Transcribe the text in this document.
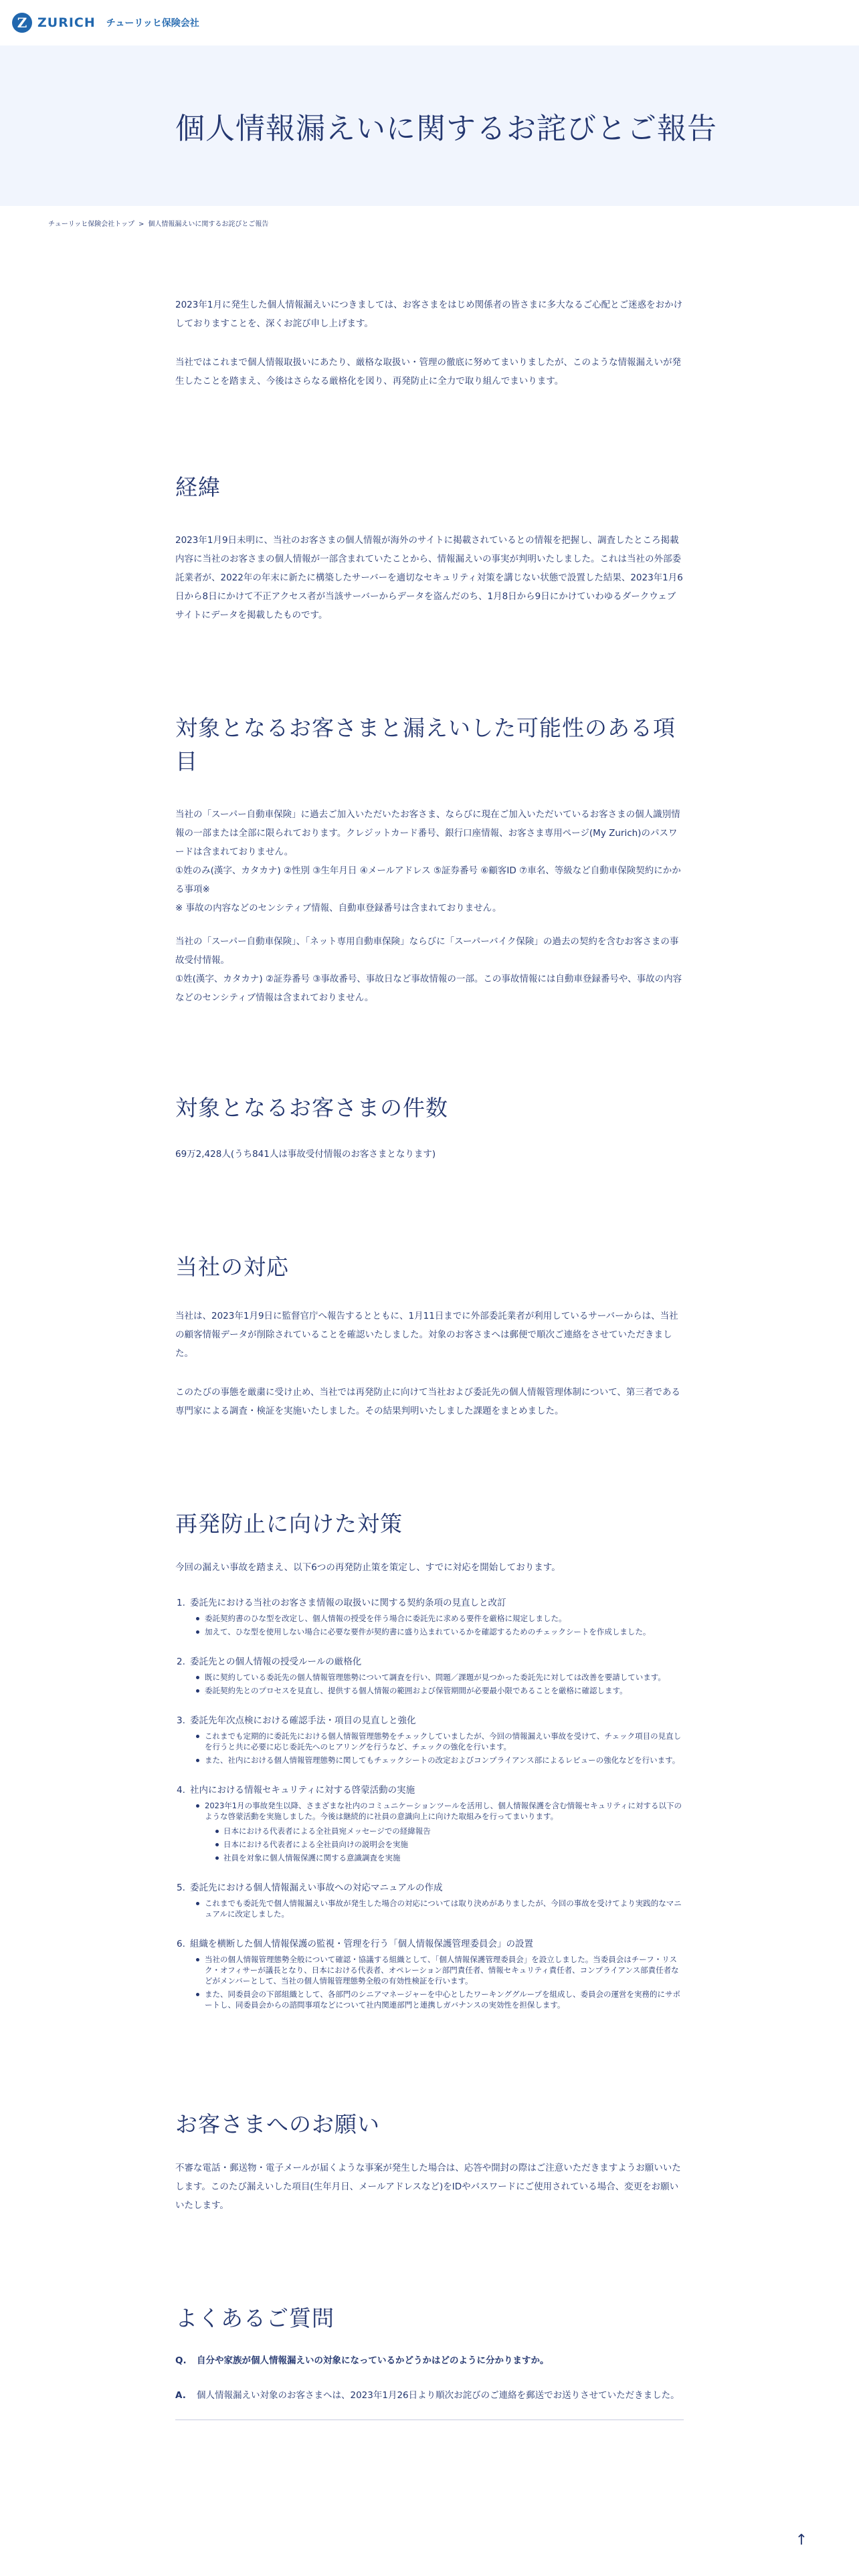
Z ZURICH チューリッヒ保険会社
個人情報漏えいに関するお詫びとご報告
チューリッヒ保険会社トップ > 個人情報漏えいに関するお詫びとご報告

2023年1月に発生した個人情報漏えいにつきましては、お客さまをはじめ関係者の皆さまに多大なるご心配とご迷惑をおかけしておりますことを、深くお詫び申し上げます。

当社ではこれまで個人情報取扱いにあたり、厳格な取扱い・管理の徹底に努めてまいりましたが、このような情報漏えいが発生したことを踏まえ、今後はさらなる厳格化を図り、再発防止に全力で取り組んでまいります。

経緯

2023年1月9日未明に、当社のお客さまの個人情報が海外のサイトに掲載されているとの情報を把握し、調査したところ掲載内容に当社のお客さまの個人情報が一部含まれていたことから、情報漏えいの事実が判明いたしました。これは当社の外部委託業者が、2022年の年末に新たに構築したサーバーを適切なセキュリティ対策を講じない状態で設置した結果、2023年1月6日から8日にかけて不正アクセス者が当該サーバーからデータを盗んだのち、1月8日から9日にかけていわゆるダークウェブサイトにデータを掲載したものです。

対象となるお客さまと漏えいした可能性のある項目

当社の「スーパー自動車保険」に過去ご加入いただいたお客さま、ならびに現在ご加入いただいているお客さまの個人識別情報の一部または全部に限られております。クレジットカード番号、銀行口座情報、お客さま専用ページ(My Zurich)のパスワードは含まれておりません。

①姓のみ(漢字、カタカナ) ②性別 ③生年月日 ④メールアドレス ⑤証券番号 ⑥顧客ID ⑦車名、等級など自動車保険契約にかかる事項※

※ 事故の内容などのセンシティブ情報、自動車登録番号は含まれておりません。

当社の「スーパー自動車保険」、「ネット専用自動車保険」ならびに「スーパーバイク保険」の過去の契約を含むお客さまの事故受付情報。

①姓(漢字、カタカナ) ②証券番号 ③事故番号、事故日など事故情報の一部。この事故情報には自動車登録番号や、事故の内容などのセンシティブ情報は含まれておりません。

対象となるお客さまの件数

69万2,428人(うち841人は事故受付情報のお客さまとなります)

当社の対応

当社は、2023年1月9日に監督官庁へ報告するとともに、1月11日までに外部委託業者が利用しているサーバーからは、当社の顧客情報データが削除されていることを確認いたしました。対象のお客さまへは郵便で順次ご連絡をさせていただきました。

このたびの事態を厳粛に受け止め、当社では再発防止に向けて当社および委託先の個人情報管理体制について、第三者である専門家による調査・検証を実施いたしました。その結果判明いたしました課題をまとめました。

再発防止に向けた対策

今回の漏えい事故を踏まえ、以下6つの再発防止策を策定し、すでに対応を開始しております。

1. 委託先における当社のお客さま情報の取扱いに関する契約条項の見直しと改訂
委託契約書のひな型を改定し、個人情報の授受を伴う場合に委託先に求める要件を厳格に規定しました。
加えて、ひな型を使用しない場合に必要な要件が契約書に盛り込まれているかを確認するためのチェックシートを作成しました。
2. 委託先との個人情報の授受ルールの厳格化
既に契約している委託先の個人情報管理態勢について調査を行い、問題／課題が見つかった委託先に対しては改善を要請しています。
委託契約先とのプロセスを見直し、提供する個人情報の範囲および保管期間が必要最小限であることを厳格に確認します。
3. 委託先年次点検における確認手法・項目の見直しと強化
これまでも定期的に委託先における個人情報管理態勢をチェックしていましたが、今回の情報漏えい事故を受けて、チェック項目の見直しを行うと共に必要に応じ委託先へのヒアリングを行うなど、チェックの強化を行います。
また、社内における個人情報管理態勢に関してもチェックシートの改定およびコンプライアンス部によるレビューの強化などを行います。
4. 社内における情報セキュリティに対する啓蒙活動の実施
2023年1月の事故発生以降、さまざまな社内のコミュニケーションツールを活用し、個人情報保護を含む情報セキュリティに対する以下のような啓蒙活動を実施しました。今後は継続的に社員の意識向上に向けた取組みを行ってまいります。
日本における代表者による全社員宛メッセージでの経緯報告
日本における代表者による全社員向けの説明会を実施
社員を対象に個人情報保護に関する意識調査を実施
5. 委託先における個人情報漏えい事故への対応マニュアルの作成
これまでも委託先で個人情報漏えい事故が発生した場合の対応については取り決めがありましたが、今回の事故を受けてより実践的なマニュアルに改定しました。
6. 組織を横断した個人情報保護の監視・管理を行う「個人情報保護管理委員会」の設置
当社の個人情報管理態勢全般について確認・協議する組織として、「個人情報保護管理委員会」を設立しました。当委員会はチーフ・リスク・オフィサーが議長となり、日本における代表者、オペレーション部門責任者、情報セキュリティ責任者、コンプライアンス部責任者などがメンバーとして、当社の個人情報管理態勢全般の有効性検証を行います。
また、同委員会の下部組織として、各部門のシニアマネージャーを中心としたワーキンググループを組成し、委員会の運営を実務的にサポートし、同委員会からの諮問事項などについて社内関連部門と連携しガバナンスの実効性を担保します。
お客さまへのお願い

不審な電話・郵送物・電子メールが届くような事案が発生した場合は、応答や開封の際はご注意いただきますようお願いいたします。このたび漏えいした項目(生年月日、メールアドレスなど)をIDやパスワードにご使用されている場合、変更をお願いいたします。

よくあるご質問
Q.	自分や家族が個人情報漏えいの対象になっているかどうかはどのように分かりますか。
A.	個人情報漏えい対象のお客さまへは、2023年1月26日より順次お詫びのご連絡を郵送でお送りさせていただきました。
↑
